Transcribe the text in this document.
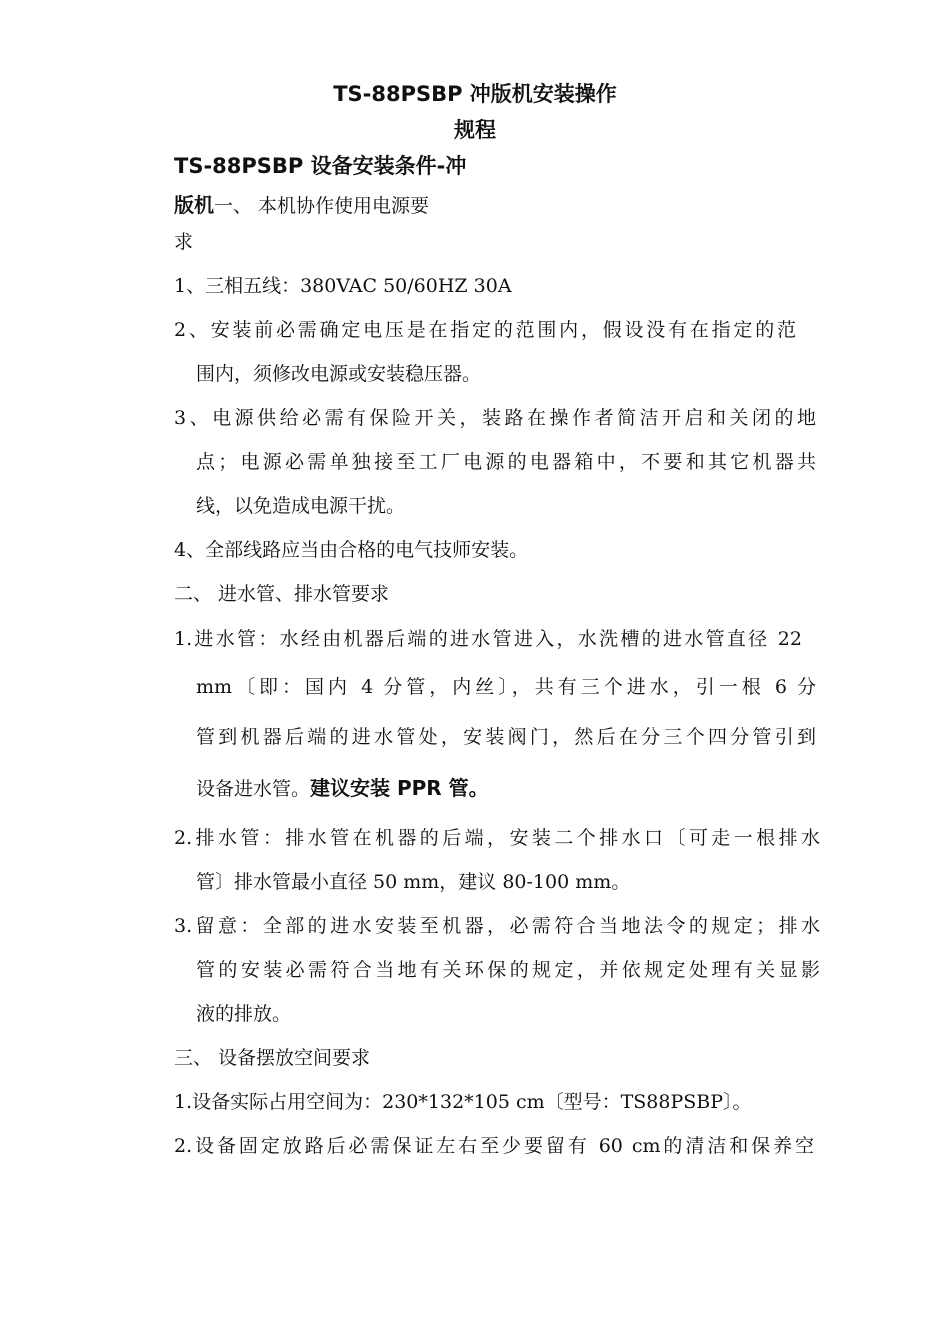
TS-88PSBP 冲版机安装操作
规程
TS-88PSBP 设备安装条件-冲
版机一、 本机协作使用电源要
求
1、三相五线：380VAC 50/60HZ 30A
2、安装前必需确定电压是在指定的范围内，假设没有在指定的范
围内，须修改电源或安装稳压器。
3、电源供给必需有保险开关，装路在操作者简洁开启和关闭的地
点；电源必需单独接至工厂电源的电器箱中，不要和其它机器共
线，以免造成电源干扰。
4、全部线路应当由合格的电气技师安装。
二、 进水管、排水管要求
1.进水管：水经由机器后端的进水管进入，水洗槽的进水管直径 22
mm〔即：国内 4 分管，内丝〕，共有三个进水，引一根 6 分
管到机器后端的进水管处，安装阀门，然后在分三个四分管引到
设备进水管。建议安装 PPR 管。
2.排水管：排水管在机器的后端，安装二个排水口〔可走一根排水
管〕排水管最小直径 50 mm，建议 80-100 mm。
3.留意：全部的进水安装至机器，必需符合当地法令的规定；排水
管的安装必需符合当地有关环保的规定，并依规定处理有关显影
液的排放。
三、 设备摆放空间要求
1.设备实际占用空间为：230*132*105 cm〔型号：TS88PSBP〕。
2.设备固定放路后必需保证左右至少要留有 60 cm的清洁和保养空
